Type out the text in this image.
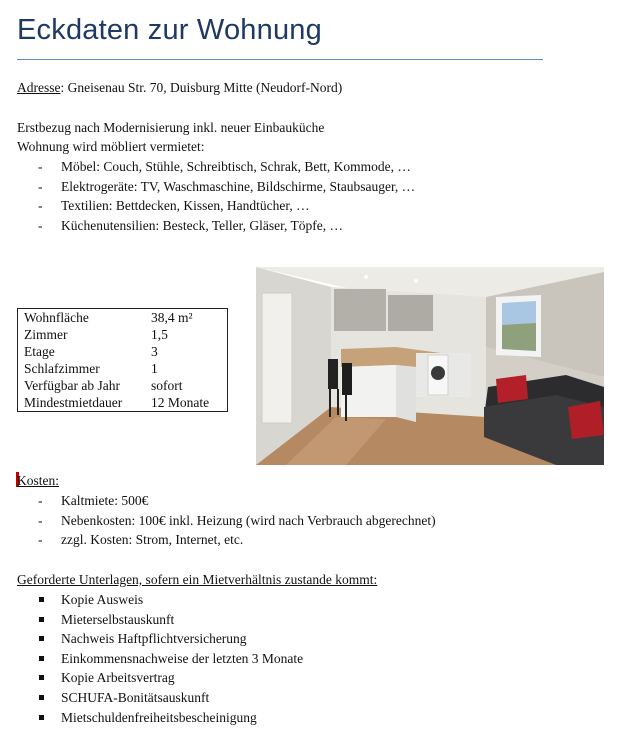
Eckdaten zur Wohnung
Adresse: Gneisenau Str. 70, Duisburg Mitte (Neudorf-Nord)
Erstbezug nach Modernisierung inkl. neuer Einbauküche
Wohnung wird möbliert vermietet:
- Möbel: Couch, Stühle, Schreibtisch, Schrak, Bett, Kommode, …
- Elektrogeräte: TV, Waschmaschine, Bildschirme, Staubsauger, …
- Textilien: Bettdecken, Kissen, Handtücher, …
- Küchenutensilien: Besteck, Teller, Gläser, Töpfe, …
Wohnfläche	38,4 m²
Zimmer	1,5
Etage	3
Schlafzimmer	1
Verfügbar ab Jahr	sofort
Mindestmietdauer	12 Monate
Kosten:
- Kaltmiete: 500€
- Nebenkosten: 100€ inkl. Heizung (wird nach Verbrauch abgerechnet)
- zzgl. Kosten: Strom, Internet, etc.
Geforderte Unterlagen, sofern ein Mietverhältnis zustande kommt:
Kopie Ausweis
Mieterselbstauskunft
Nachweis Haftpflichtversicherung
Einkommensnachweise der letzten 3 Monate
Kopie Arbeitsvertrag
SCHUFA-Bonitätsauskunft
Mietschuldenfreiheitsbescheinigung
